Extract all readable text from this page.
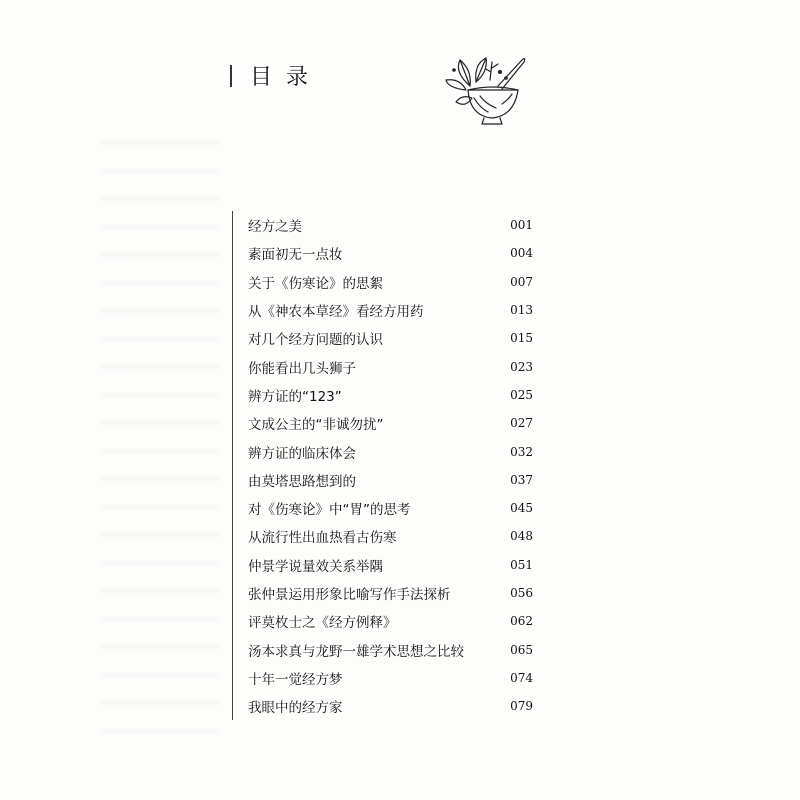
目录
经方之美	001
素面初无一点妆	004
关于《伤寒论》的思絮	007
从《神农本草经》看经方用药	013
对几个经方问题的认识	015
你能看出几头狮子	023
辨方证的“123”	025
文成公主的“非诚勿扰”	027
辨方证的临床体会	032
由莫塔思路想到的	037
对《伤寒论》中“胃”的思考	045
从流行性出血热看古伤寒	048
仲景学说量效关系举隅	051
张仲景运用形象比喻写作手法探析	056
评莫枚士之《经方例释》	062
汤本求真与龙野一雄学术思想之比较	065
十年一觉经方梦	074
我眼中的经方家	079
